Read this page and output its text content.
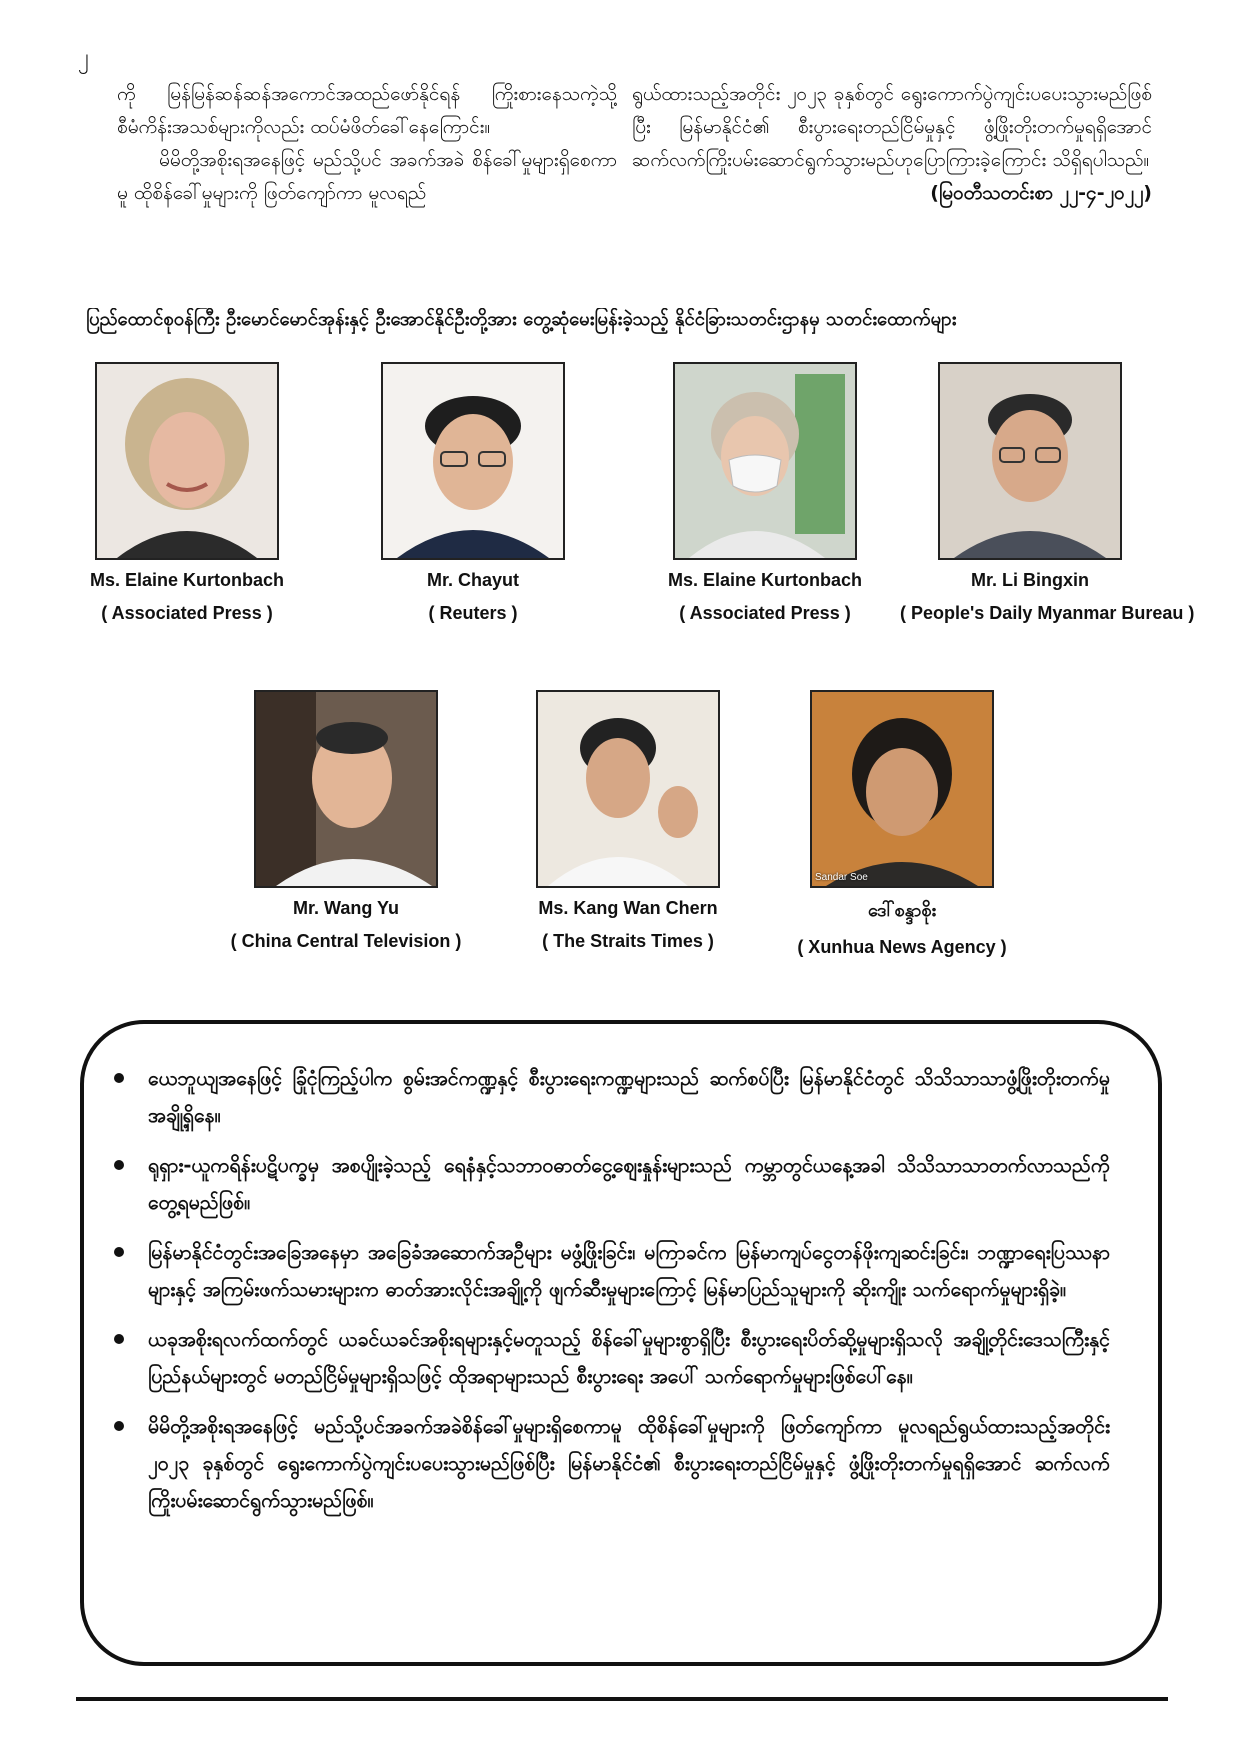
၂

ကို မြန်မြန်ဆန်ဆန်အကောင်အထည်ဖော်နိုင်ရန် ကြိုးစားနေသကဲ့သို့ စီမံကိန်းအသစ်များကိုလည်း ထပ်မံဖိတ်ခေါ်နေကြောင်း။

မိမိတို့အစိုးရအနေဖြင့် မည်သို့ပင် အခက်အခဲ စိန်ခေါ်မှုများရှိစေကာမူ ထိုစိန်ခေါ်မှုများကို ဖြတ်ကျော်ကာ မူလရည်

ရွယ်ထားသည့်အတိုင်း ၂၀၂၃ ခုနှစ်တွင် ရွေးကောက်ပွဲကျင်းပပေးသွားမည်ဖြစ်ပြီး မြန်မာနိုင်ငံ၏ စီးပွားရေးတည်ငြိမ်မှုနှင့် ဖွံ့ဖြိုးတိုးတက်မှုရရှိအောင် ဆက်လက်ကြိုးပမ်းဆောင်ရွက်သွားမည်ဟုပြောကြားခဲ့ကြောင်း သိရှိရပါသည်။

(မြဝတီသတင်းစာ ၂၂-၄-၂၀၂၂)

ပြည်ထောင်စုဝန်ကြီး ဦးမောင်မောင်အုန်းနှင့် ဦးအောင်နိုင်ဦးတို့အား တွေ့ဆုံမေးမြန်းခဲ့သည့် နိုင်ငံခြားသတင်းဌာနမှ သတင်းထောက်များ
Ms. Elaine Kurtonbach
( Associated Press )
Mr. Chayut
( Reuters )
Ms. Elaine Kurtonbach
( Associated Press )
Mr. Li Bingxin
( People's Daily Myanmar Bureau )
Mr. Wang Yu
( China Central Television )
Ms. Kang Wan Chern
( The Straits Times )
Sandar Soe
ဒေါ်စန္ဒာစိုး
( Xunhua News Agency )
ယေဘူယျအနေဖြင့် ခြုံငုံကြည့်ပါက စွမ်းအင်ကဏ္ဍနှင့် စီးပွားရေးကဏ္ဍများသည် ဆက်စပ်ပြီး မြန်မာနိုင်ငံတွင် သိသိသာသာဖွံ့ဖြိုးတိုးတက်မှုအချို့ရှိနေ။
ရုရှား-ယူကရိန်းပဋိပက္ခမှ အစပျိုးခဲ့သည့် ရေနံနှင့်သဘာဝဓာတ်ငွေ့ဈေးနှုန်းများသည် ကမ္ဘာတွင်ယနေ့အခါ သိသိသာသာတက်လာသည်ကို တွေ့ရမည်ဖြစ်။
မြန်မာနိုင်ငံတွင်းအခြေအနေမှာ အခြေခံအဆောက်အဦများ မဖွံ့ဖြိုးခြင်း၊ မကြာခင်က မြန်မာကျပ်ငွေတန်ဖိုးကျဆင်းခြင်း၊ ဘဏ္ဍာရေးပြဿနာများနှင့် အကြမ်းဖက်သမားများက ဓာတ်အားလိုင်းအချို့ကို ဖျက်ဆီးမှုများကြောင့် မြန်မာပြည်သူများကို ဆိုးကျိုး သက်ရောက်မှုများရှိခဲ့။
ယခုအစိုးရလက်ထက်တွင် ယခင်ယခင်အစိုးရများနှင့်မတူသည့် စိန်ခေါ်မှုများစွာရှိပြီး စီးပွားရေးပိတ်ဆို့မှုများရှိသလို အချို့တိုင်းဒေသကြီးနှင့်ပြည်နယ်များတွင် မတည်ငြိမ်မှုများရှိသဖြင့် ထိုအရာများသည် စီးပွားရေး အပေါ် သက်ရောက်မှုများဖြစ်ပေါ်နေ။
မိမိတို့အစိုးရအနေဖြင့် မည်သို့ပင်အခက်အခဲစိန်ခေါ်မှုများရှိစေကာမူ ထိုစိန်ခေါ်မှုများကို ဖြတ်ကျော်ကာ မူလရည်ရွယ်ထားသည့်အတိုင်း ၂၀၂၃ ခုနှစ်တွင် ရွေးကောက်ပွဲကျင်းပပေးသွားမည်ဖြစ်ပြီး မြန်မာနိုင်ငံ၏ စီးပွားရေးတည်ငြိမ်မှုနှင့် ဖွံ့ဖြိုးတိုးတက်မှုရရှိအောင် ဆက်လက်ကြိုးပမ်းဆောင်ရွက်သွားမည်ဖြစ်။
